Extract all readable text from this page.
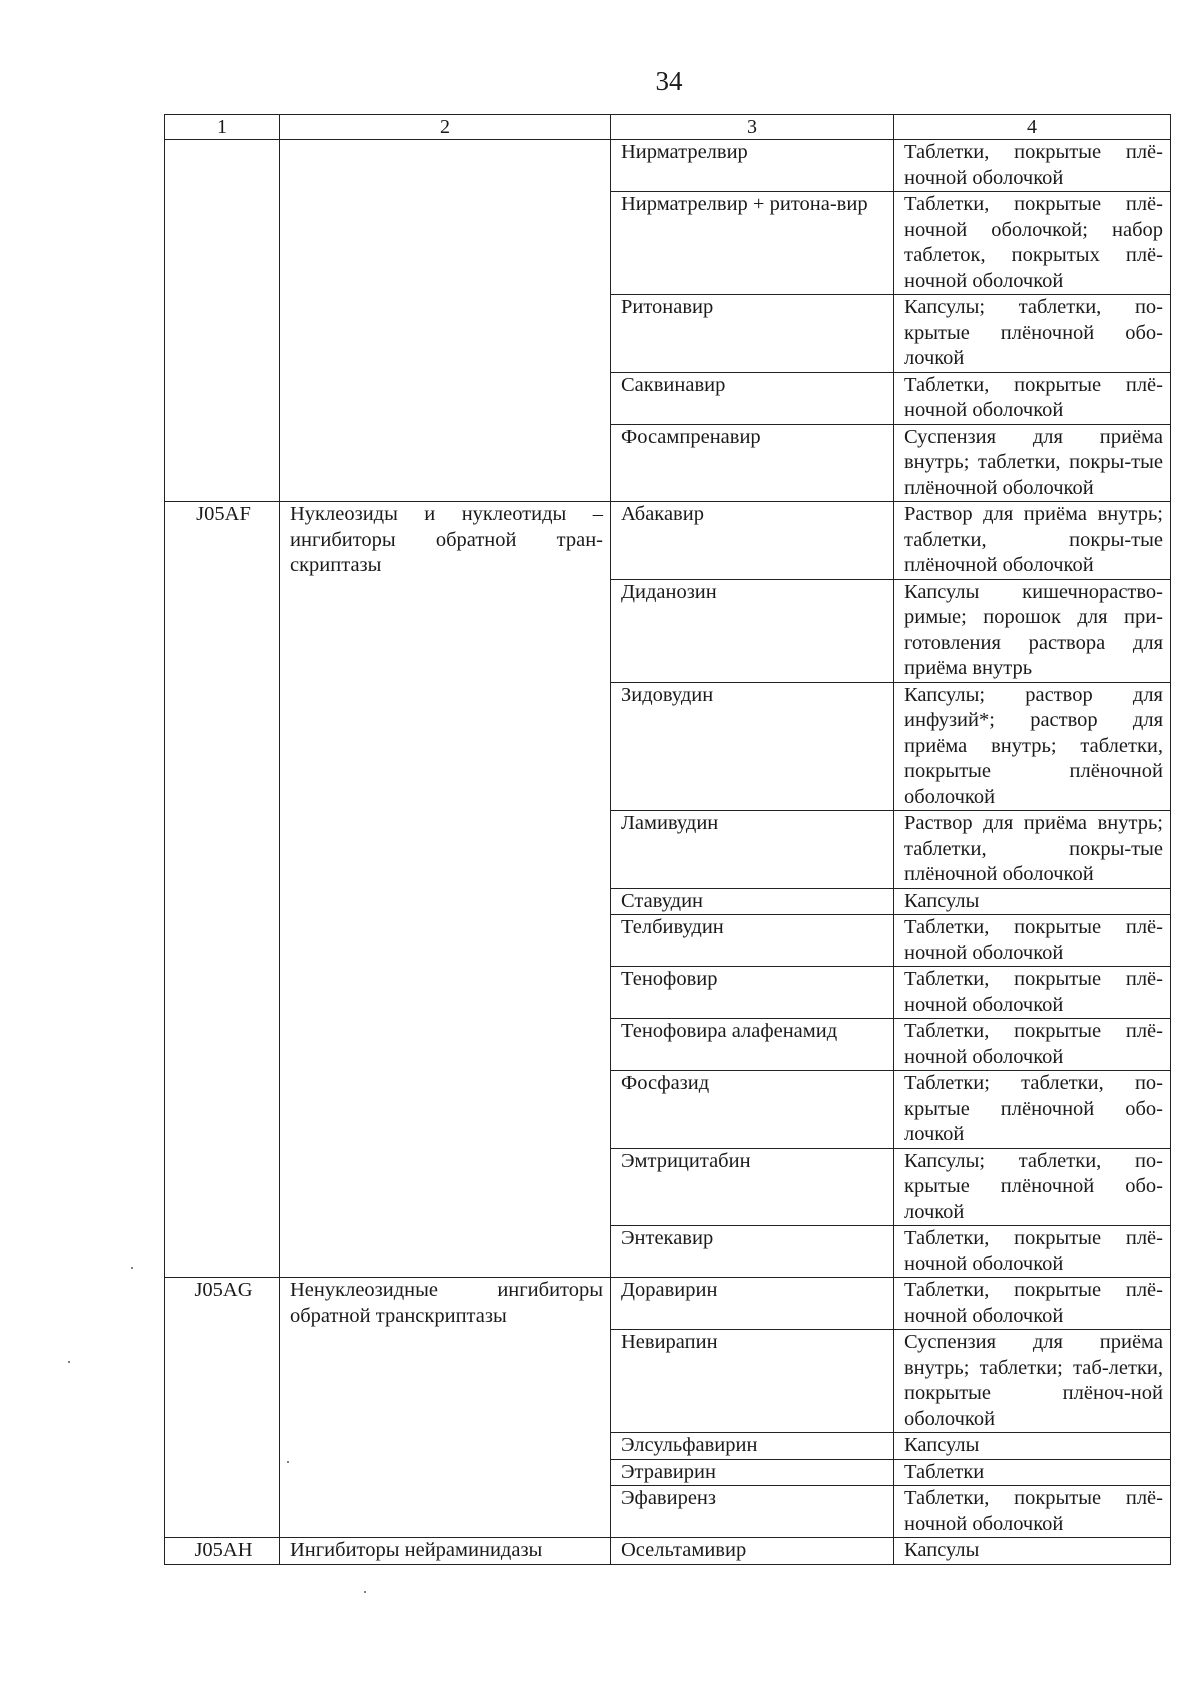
34
1	2	3	4
		Нирматрелвир	Таблетки, покрытые плё-ночной оболочкой
		Нирматрелвир + ритона-вир	Таблетки, покрытые плё-ночной оболочкой; набор таблеток, покрытых плё-ночной оболочкой
		Ритонавир	Капсулы; таблетки, по-крытые плёночной обо-лочкой
		Саквинавир	Таблетки, покрытые плё-ночной оболочкой
		Фосампренавир	Суспензия для приёма внутрь; таблетки, покры-тые плёночной оболочкой
J05AF	Нуклеозиды и нуклеотиды – ингибиторы обратной тран-скриптазы	Абакавир	Раствор для приёма внутрь; таблетки, покры-тые плёночной оболочкой
		Диданозин	Капсулы кишечнораство-римые; порошок для при-готовления раствора для приёма внутрь
		Зидовудин	Капсулы; раствор для инфузий*; раствор для приёма внутрь; таблетки, покрытые плёночной оболочкой
		Ламивудин	Раствор для приёма внутрь; таблетки, покры-тые плёночной оболочкой
		Ставудин	Капсулы
		Телбивудин	Таблетки, покрытые плё-ночной оболочкой
		Тенофовир	Таблетки, покрытые плё-ночной оболочкой
		Тенофовира алафенамид	Таблетки, покрытые плё-ночной оболочкой
		Фосфазид	Таблетки; таблетки, по-крытые плёночной обо-лочкой
		Эмтрицитабин	Капсулы; таблетки, по-крытые плёночной обо-лочкой
		Энтекавир	Таблетки, покрытые плё-ночной оболочкой
J05AG	Ненуклеозидные ингибиторы обратной транскриптазы	Доравирин	Таблетки, покрытые плё-ночной оболочкой
		Невирапин	Суспензия для приёма внутрь; таблетки; таб-летки, покрытые плёноч-ной оболочкой
		Элсульфавирин	Капсулы
		Этравирин	Таблетки
		Эфавиренз	Таблетки, покрытые плё-ночной оболочкой
J05AH	Ингибиторы нейраминидазы	Осельтамивир	Капсулы
